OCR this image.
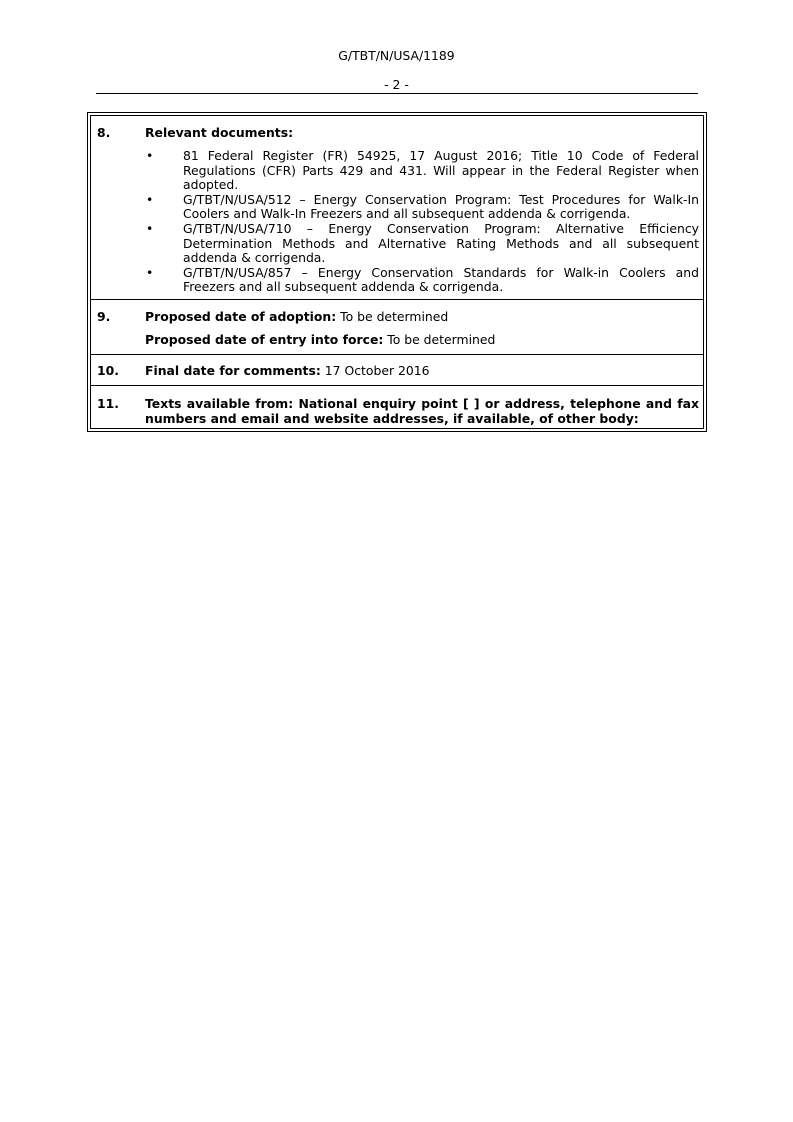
G/TBT/N/USA/1189
- 2 -
8.	Relevant documents:
• 81 Federal Register (FR) 54925, 17 August 2016; Title 10 Code of Federal Regulations (CFR) Parts 429 and 431. Will appear in the Federal Register when adopted.
• G/TBT/N/USA/512 – Energy Conservation Program: Test Procedures for Walk-In Coolers and Walk-In Freezers and all subsequent addenda & corrigenda.
• G/TBT/N/USA/710 – Energy Conservation Program: Alternative Efficiency Determination Methods and Alternative Rating Methods and all subsequent addenda & corrigenda.
• G/TBT/N/USA/857 – Energy Conservation Standards for Walk-in Coolers and Freezers and all subsequent addenda & corrigenda.
9.	Proposed date of adoption: To be determined
Proposed date of entry into force: To be determined
10. Final date for comments: 17 October 2016
11. Texts available from: National enquiry point [ ] or address, telephone and fax numbers and email and website addresses, if available, of other body:
